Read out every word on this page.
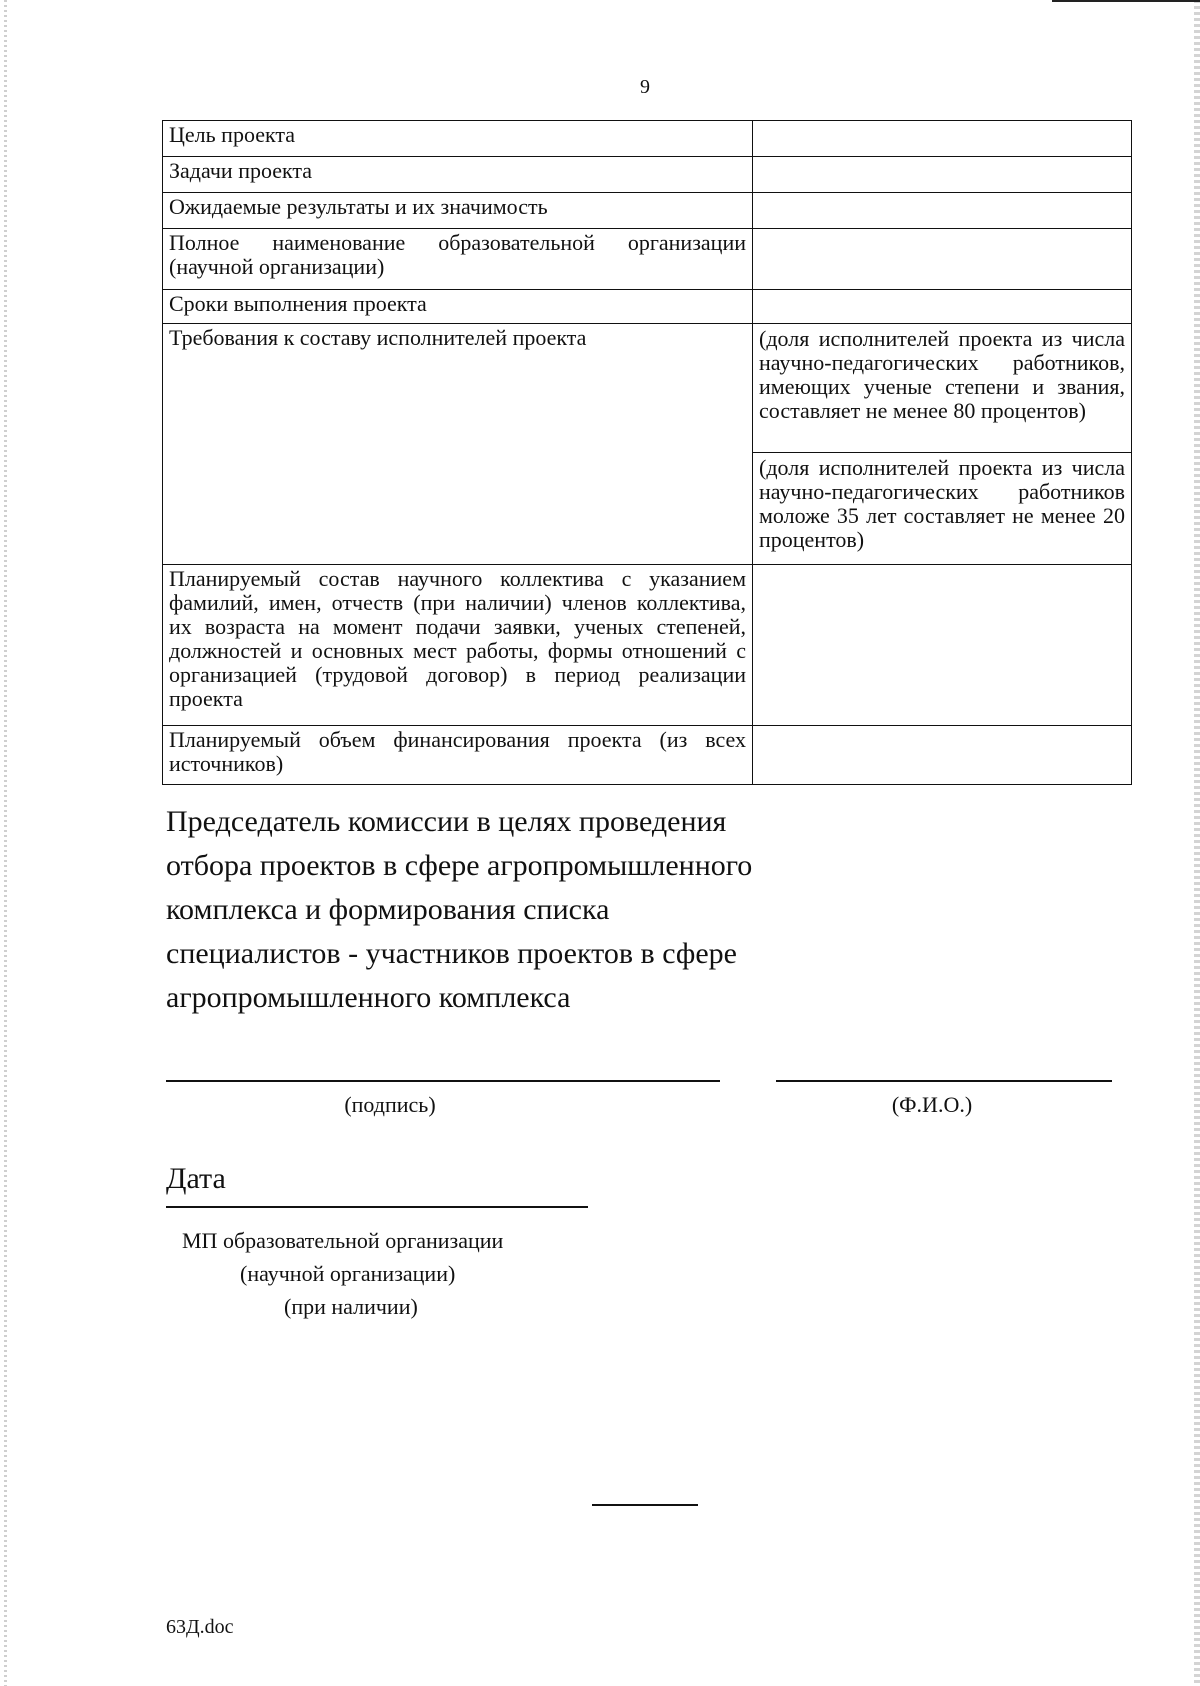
9
Цель проекта	
Задачи проекта	
Ожидаемые результаты и их значимость	
Полное наименование образовательной организации (научной организации)	
Сроки выполнения проекта	
Требования к составу исполнителей проекта	(доля исполнителей проекта из числа научно-педагогических работников, имеющих ученые степени и звания, составляет не менее 80 процентов)
	(доля исполнителей проекта из числа научно-педагогических работников моложе 35 лет составляет не менее 20 процентов)
Планируемый состав научного коллектива с указанием фамилий, имен, отчеств (при наличии) членов коллектива, их возраста на момент подачи заявки, ученых степеней, должностей и основных мест работы, формы отношений с организацией (трудовой договор) в период реализации проекта	
Планируемый объем финансирования проекта (из всех источников)	
Председатель комиссии в целях проведения
отбора проектов в сфере агропромышленного
комплекса и формирования списка
специалистов - участников проектов в сфере
агропромышленного комплекса
(подпись)	(Ф.И.О.)
Дата
МП образовательной организации
(научной организации)
(при наличии)
63Д.doc
